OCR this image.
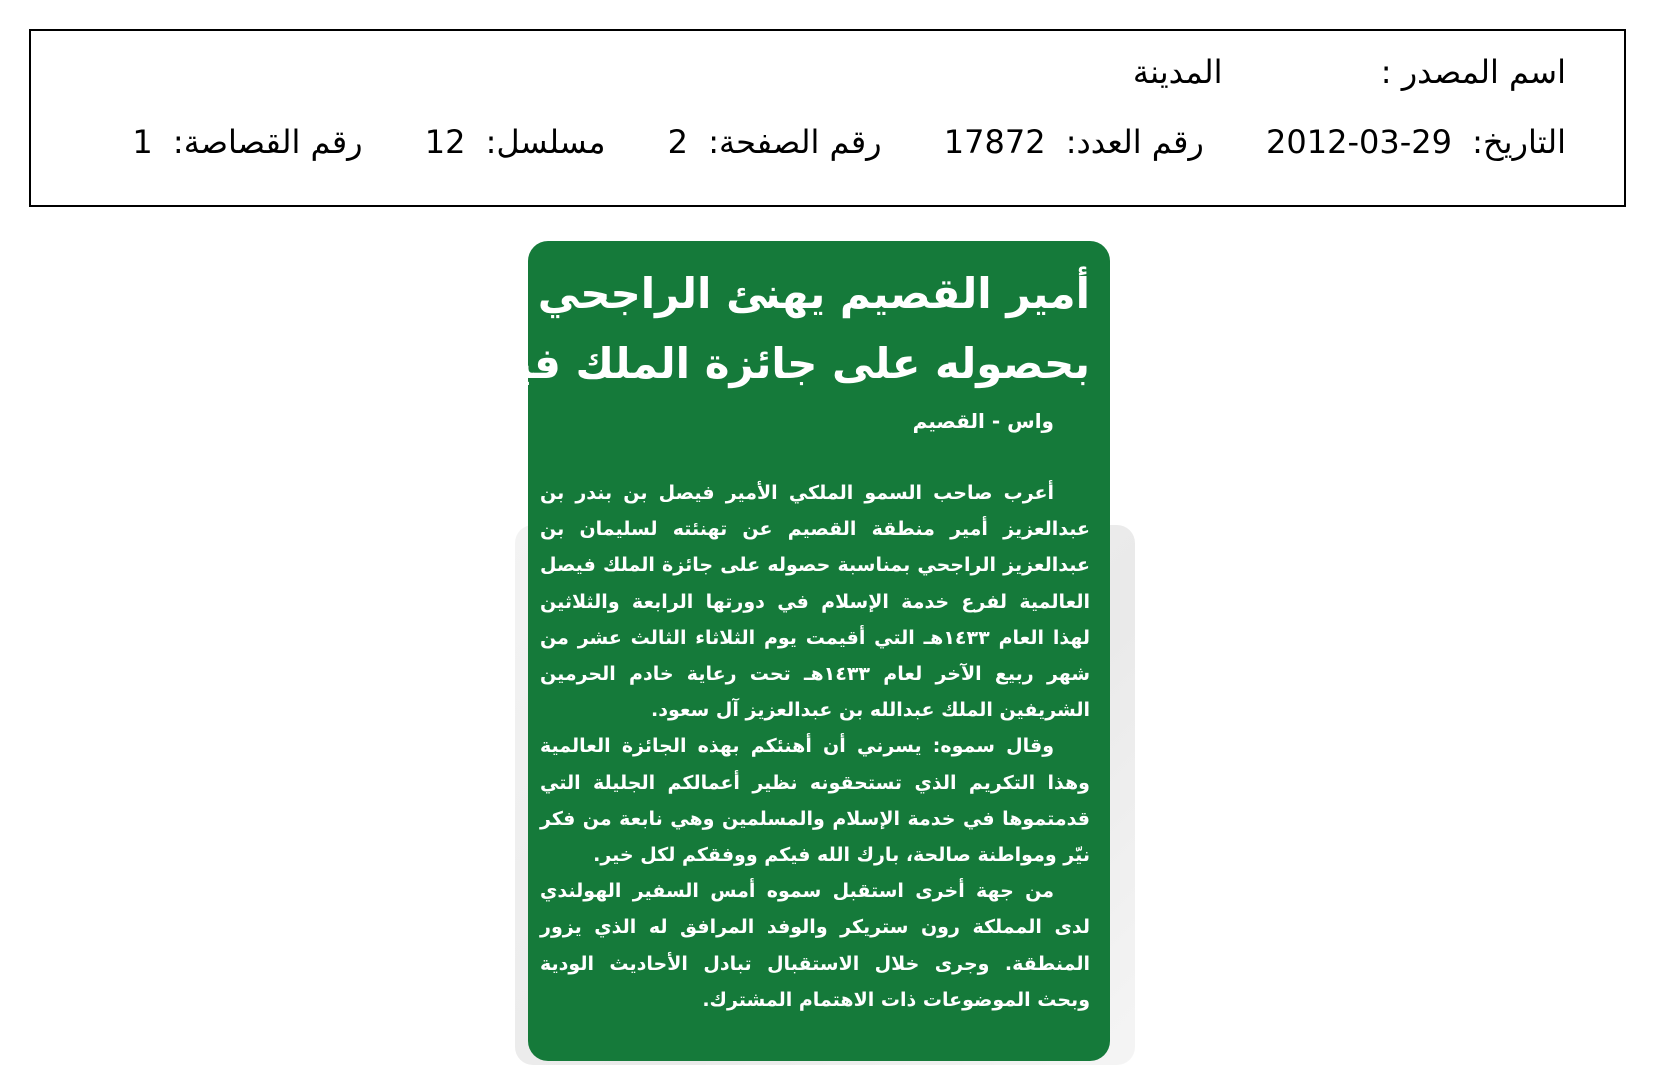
اسم المصدر : المدينة
التاريخ: 2012-03-29 رقم العدد: 17872 رقم الصفحة: 2 مسلسل: 12 رقم القصاصة: 1
أمير القصيم يهنئ الراجحي
بحصوله على جائزة الملك فيصل
واس - القصيم

أعرب صاحب السمو الملكي الأمير فيصل بن بندر بن عبدالعزيز أمير منطقة القصيم عن تهنئته لسليمان بن عبدالعزيز الراجحي بمناسبة حصوله على جائزة الملك فيصل العالمية لفرع خدمة الإسلام في دورتها الرابعة والثلاثين لهذا العام ١٤٣٣هـ التي أقيمت يوم الثلاثاء الثالث عشر من شهر ربيع الآخر لعام ١٤٣٣هـ تحت رعاية خادم الحرمين الشريفين الملك عبدالله بن عبدالعزيز آل سعود.

وقال سموه: يسرني أن أهنئكم بهذه الجائزة العالمية وهذا التكريم الذي تستحقونه نظير أعمالكم الجليلة التي قدمتموها في خدمة الإسلام والمسلمين وهي نابعة من فكر نيّر ومواطنة صالحة، بارك الله فيكم ووفقكم لكل خير.

من جهة أخرى استقبل سموه أمس السفير الهولندي لدى المملكة رون ستريكر والوفد المرافق له الذي يزور المنطقة. وجرى خلال الاستقبال تبادل الأحاديث الودية وبحث الموضوعات ذات الاهتمام المشترك.
